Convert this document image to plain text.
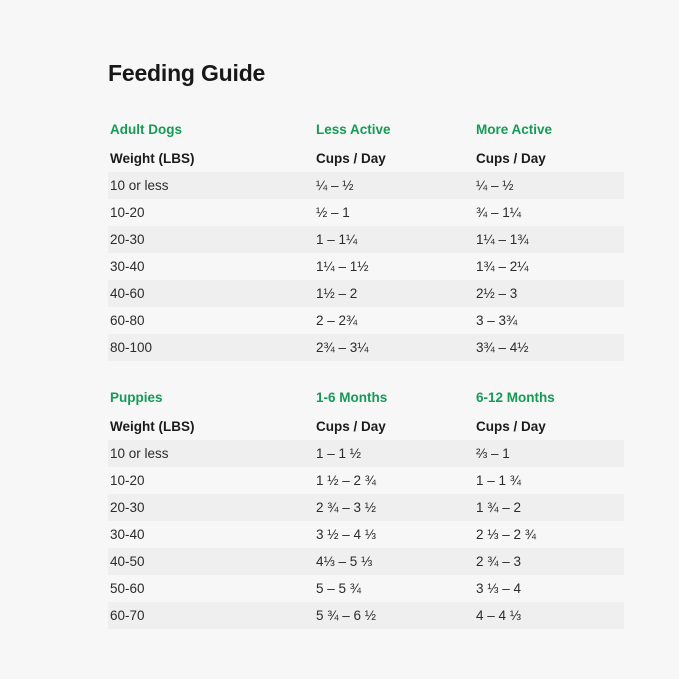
Feeding Guide
Adult Dogs	Less Active	More Active
Weight (LBS)	Cups / Day	Cups / Day
10 or less	¼ – ½	¼ – ½
10-20	½ – 1	¾ – 1¼
20-30	1 – 1¼	1¼ – 1¾
30-40	1¼ – 1½	1¾ – 2¼
40-60	1½ – 2	2½ – 3
60-80	2 – 2¾	3 – 3¾
80-100	2¾ – 3¼	3¾ – 4½
Puppies	1-6 Months	6-12 Months
Weight (LBS)	Cups / Day	Cups / Day
10 or less	1 – 1 ½	⅔ – 1
10-20	1 ½ – 2 ¾	1 – 1 ¾
20-30	2 ¾ – 3 ½	1 ¾ – 2
30-40	3 ½ – 4 ⅓	2 ⅓ – 2 ¾
40-50	4⅓ – 5 ⅓	2 ¾ – 3
50-60	5 – 5 ¾	3 ⅓ – 4
60-70	5 ¾ – 6 ½	4 – 4 ⅓
